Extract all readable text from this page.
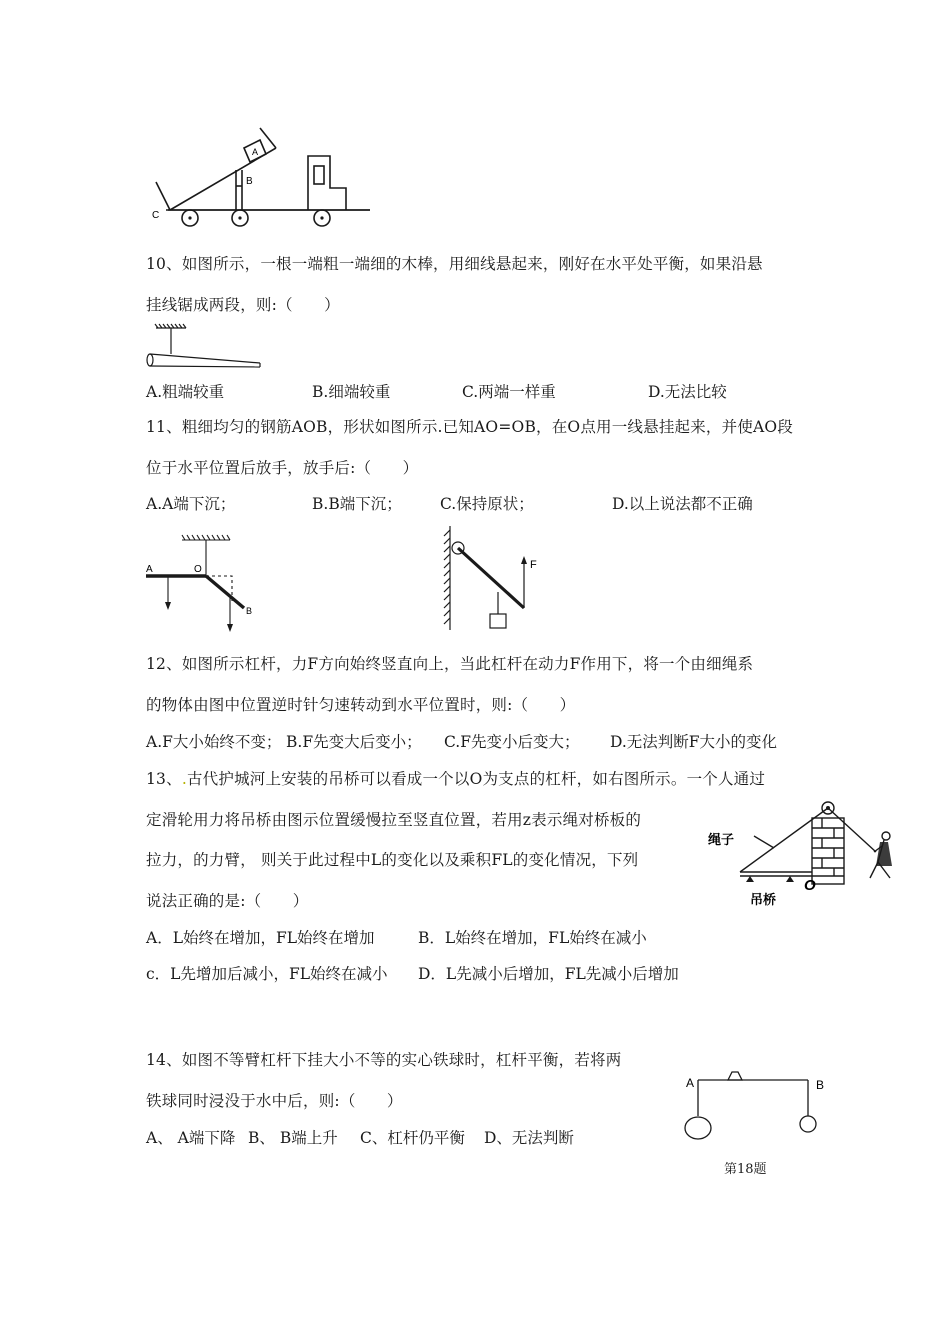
A
B
C
10、如图所示，一根一端粗一端细的木棒，用细线悬起来，刚好在水平处平衡，如果沿悬
挂线锯成两段，则:（　　）
A.粗端较重	B.细端较重	C.两端一样重	D.无法比较
11、粗细均匀的钢筋AOB，形状如图所示.已知AO=OB，在O点用一线悬挂起来，并使AO段
位于水平位置后放手，放手后:（　　）
A.A端下沉；	B.B端下沉； C.保持原状；	D.以上说法都不正确
A	O
B
F
12、如图所示杠杆，力F方向始终竖直向上，当此杠杆在动力F作用下，将一个由细绳系
的物体由图中位置逆时针匀速转动到水平位置时，则:（　　）
A.F大小始终不变； B.F先变大后变小； C.F先变小后变大； D.无法判断F大小的变化
13、.古代护城河上安装的吊桥可以看成一个以O为支点的杠杆，如右图所示。一个人通过
定滑轮用力将吊桥由图示位置缓慢拉至竖直位置，若用z表示绳对桥板的
拉力，的力臂， 则关于此过程中L的变化以及乘积FL的变化情况，下列
说法正确的是:（　　）
绳子
吊桥
O
A．L始终在增加，FL始终在增加	B．L始终在增加，FL始终在减小
c．L先增加后减小，FL始终在减小 D．L先减小后增加，FL先减小后增加
14、如图不等臂杠杆下挂大小不等的实心铁球时，杠杆平衡，若将两
铁球同时浸没于水中后，则:（　　）
A、 A端下降 B、 B端上升 C、杠杆仍平衡 D、无法判断
A	B
第18题
